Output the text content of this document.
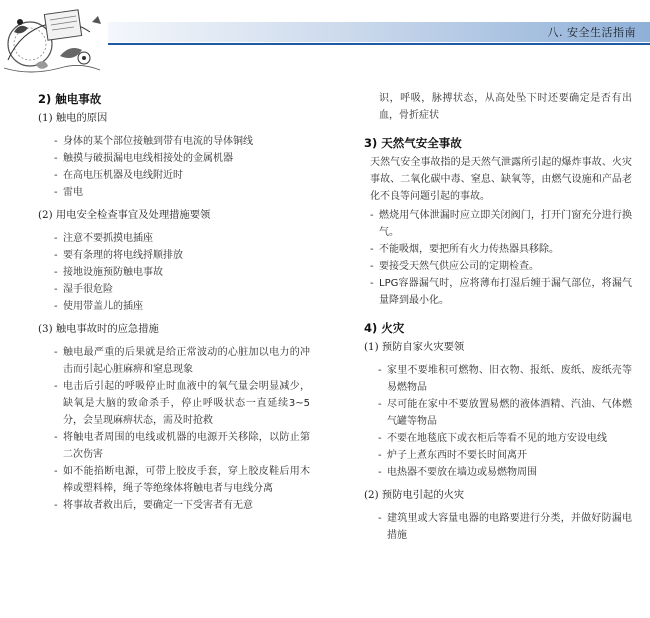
八. 安全生活指南

2) 触电事故

(1) 触电的原因

- 身体的某个部位接触到带有电流的导体铜线
- 触摸与破损漏电电线相接处的金属机器
- 在高电压机器及电线附近时
- 雷电

(2) 用电安全检查事宜及处理措施要领

- 注意不要抓摸电插座
- 要有条理的将电线捋顺排放
- 接地设施预防触电事故
- 湿手很危险
- 使用带盖儿的插座

(3) 触电事故时的应急措施

- 触电最严重的后果就是给正常波动的心脏加以电力的冲击而引起心脏麻痹和窒息现象
- 电击后引起的呼吸停止时血液中的氧气量会明显减少，缺氧是大脑的致命杀手，停止呼吸状态一直延续3~5分，会呈现麻痹状态，需及时抢救
- 将触电者周围的电线或机器的电源开关移除，以防止第二次伤害
- 如不能掐断电源，可带上胶皮手套，穿上胶皮鞋后用木棒或塑料棒，绳子等绝缘体将触电者与电线分离
- 将事故者救出后，要确定一下受害者有无意

识，呼吸，脉搏状态，从高处坠下时还要确定是否有出血，骨折症状

3) 天然气安全事故

天然气安全事故指的是天然气泄露所引起的爆炸事故、火灾事故、二氧化碳中毒、窒息、缺氧等，由燃气设施和产品老化不良等问题引起的事故。

- 燃烧用气体泄漏时应立即关闭阀门，打开门窗充分进行换气。
- 不能吸烟，要把所有火力传热器具移除。
- 要接受天然气供应公司的定期检查。
- LPG容器漏气时，应将薄布打湿后缠于漏气部位，将漏气量降到最小化。

4) 火灾

(1) 预防自家火灾要领

- 家里不要堆积可燃物、旧衣物、报纸、废纸、废纸壳等易燃物品
- 尽可能在家中不要放置易燃的液体酒精、汽油、气体燃气罐等物品
- 不要在地毯底下或衣柜后等看不见的地方安设电线
- 炉子上煮东西时不要长时间离开
- 电热器不要放在墙边或易燃物周围

(2) 预防电引起的火灾

- 建筑里或大容量电器的电路要进行分类，并做好防漏电措施
